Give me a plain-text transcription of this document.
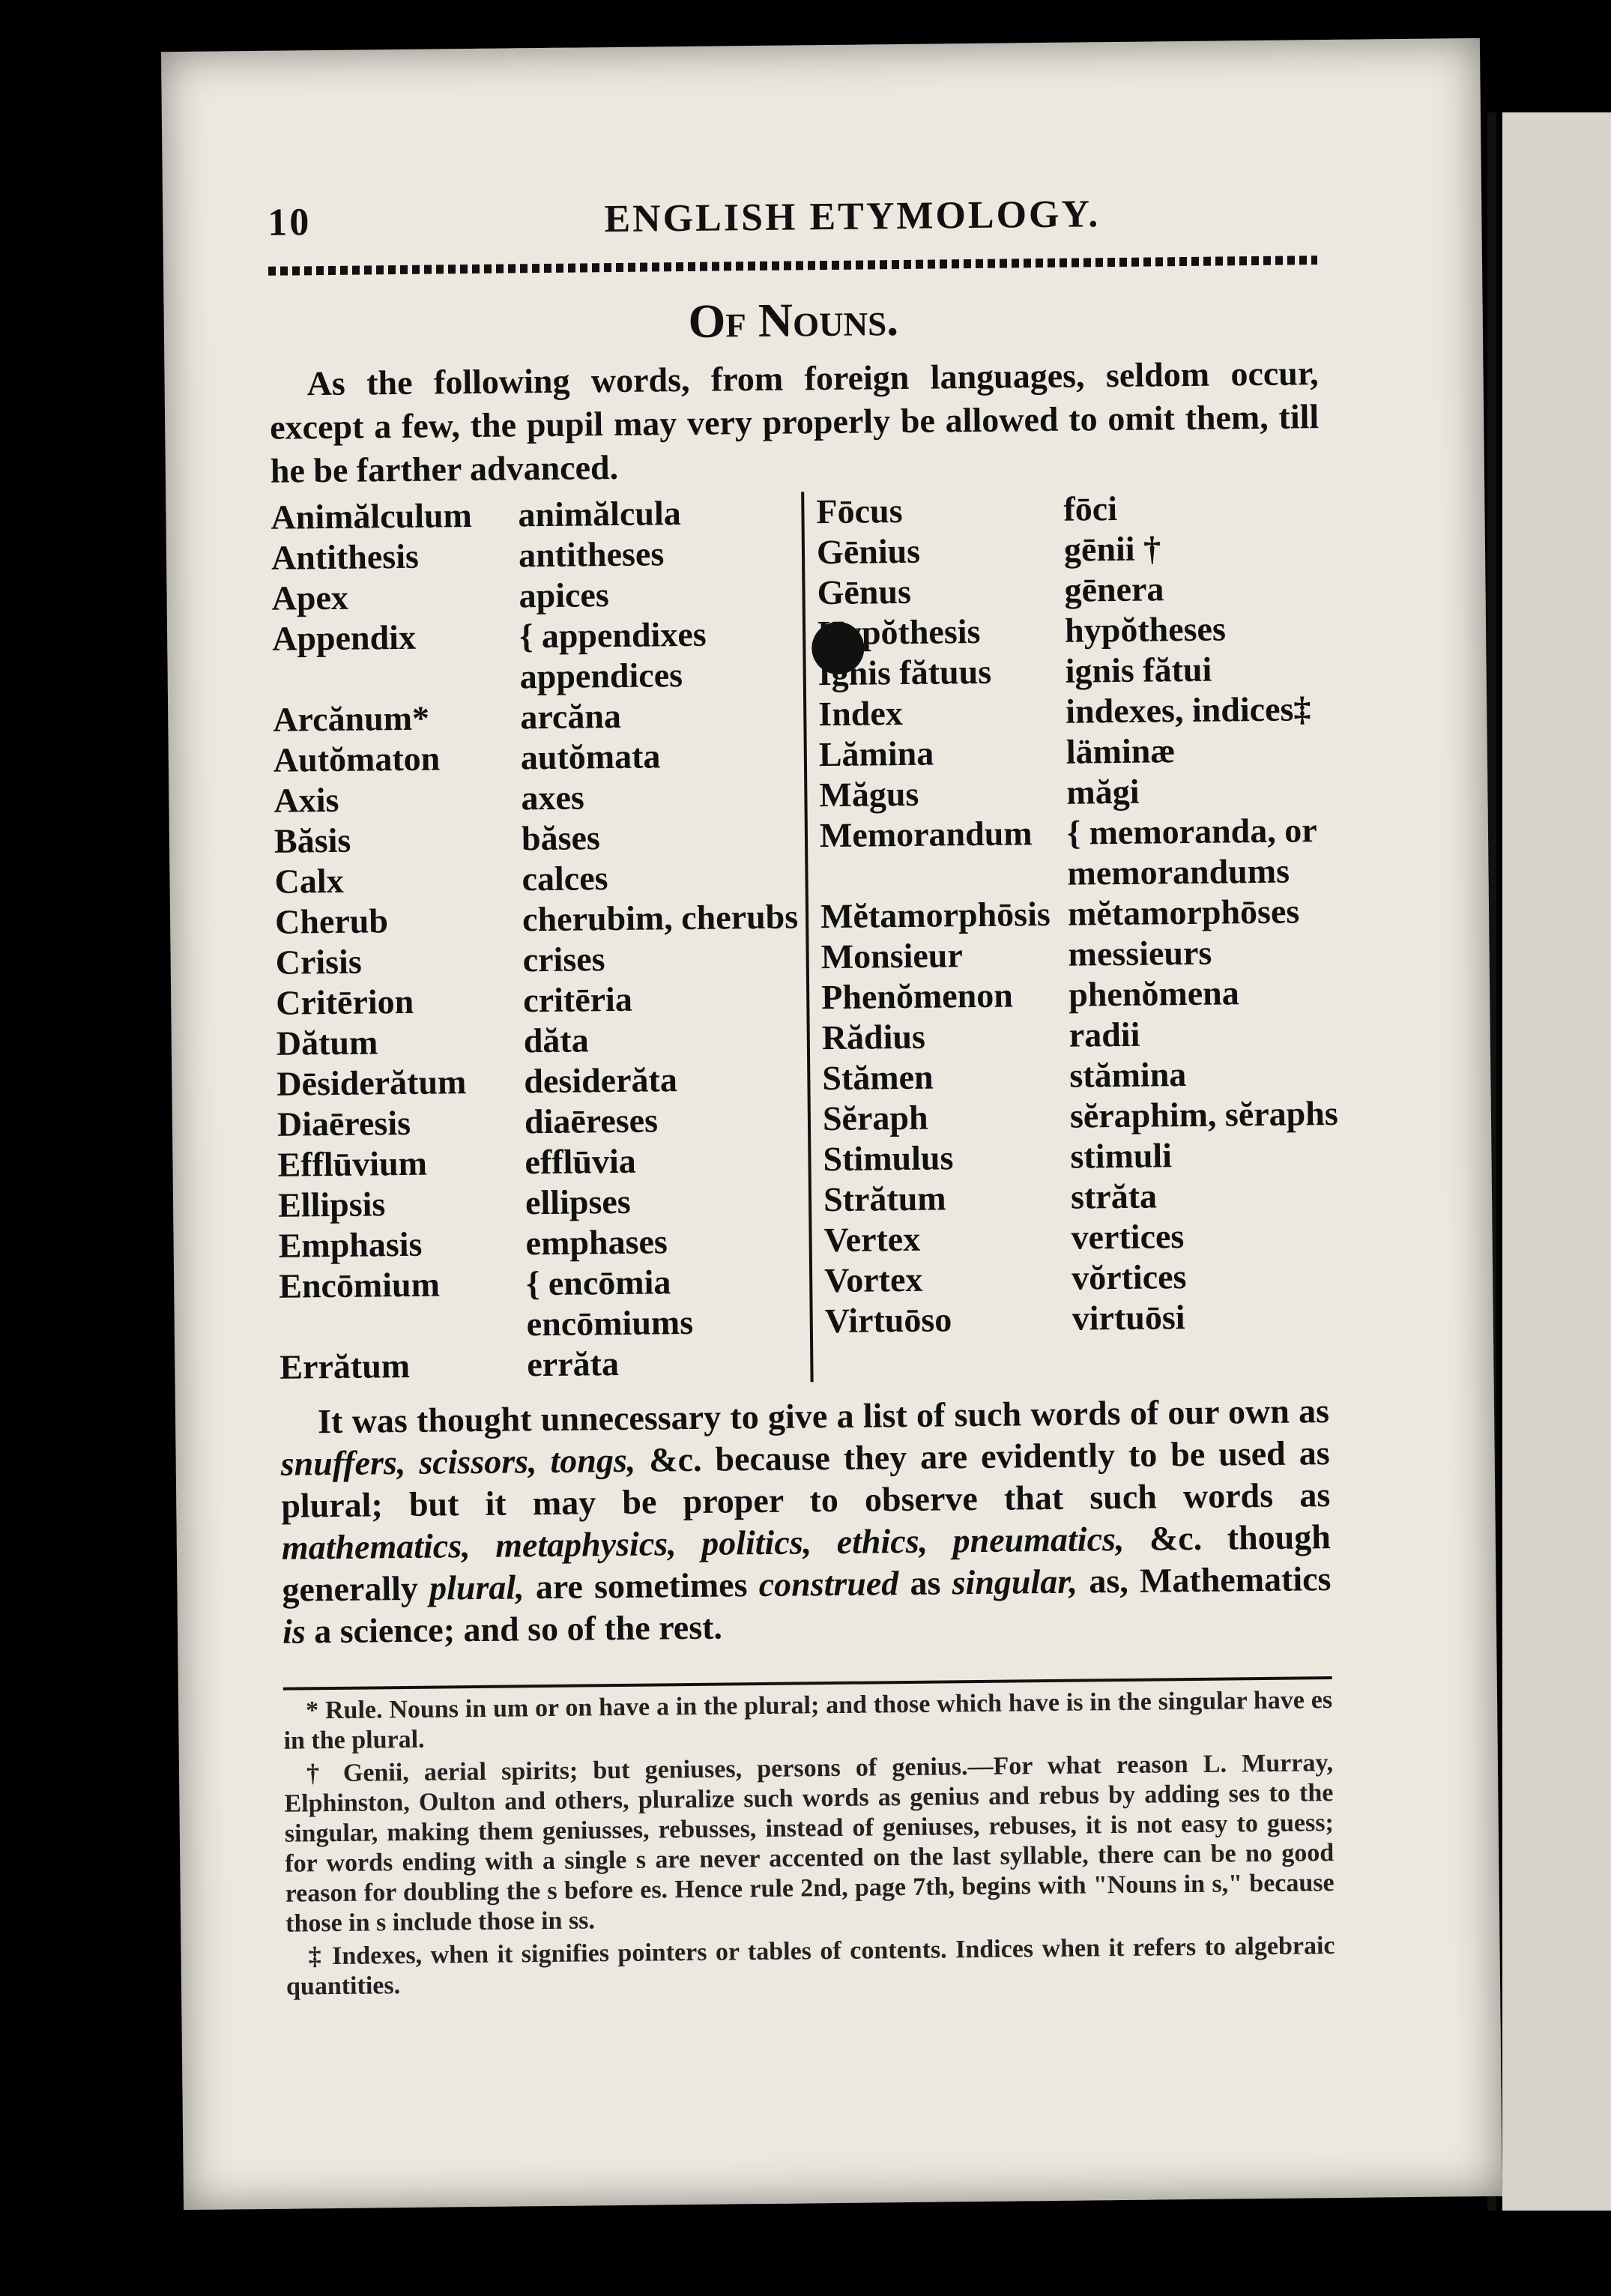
10	ENGLISH ETYMOLOGY.
Of Nouns.

As the following words, from foreign languages, seldom occur, except a few, the pupil may very properly be allowed to omit them, till he be farther advanced.

Animălculum	animălcula
Antithesis	antitheses
Apex	apices
Appendix	{ appendixes
appendices
Arcănum*	arcăna
Autŏmaton	autŏmata
Axis	axes
Băsis	băses
Calx	calces
Cherub	cherubim, cherubs
Crisis	crises
Critērion	critēria
Dătum	dăta
Dēsiderătum	desiderăta
Diaēresis	diaēreses
Efflūvium	efflūvia
Ellipsis	ellipses
Emphasis	emphases
Encōmium	{ encōmia
encōmiums
Errătum	errăta
Fōcus	fōci
Gēnius	gēnii †
Gēnus	gēnera
Hypŏthesis	hypŏtheses
Ignis fătuus	ignis fătui
Index	indexes, indices‡
Lămina	läminæ
Măgus	măgi
Memorandum { memoranda, or
memorandums
Mĕtamorphōsis mĕtamorphōses
Monsieur	messieurs
Phenŏmenon	phenŏmena
Rădius	radii
Stămen	stămina
Sĕraph	sĕraphim, sĕraphs
Stimulus	stimuli
Strătum	străta
Vertex	vertices
Vortex	vŏrtices
Virtuōso	virtuōsi

It was thought unnecessary to give a list of such words of our own as snuffers, scissors, tongs, &c. because they are evidently to be used as plural; but it may be proper to observe that such words as mathematics, metaphysics, politics, ethics, pneumatics, &c. though generally plural, are sometimes construed as singular, as, Mathematics is a science; and so of the rest.

* Rule. Nouns in um or on have a in the plural; and those which have is in the singular have es in the plural.

† Genii, aerial spirits; but geniuses, persons of genius.—For what reason L. Murray, Elphinston, Oulton and others, pluralize such words as genius and rebus by adding ses to the singular, making them geniusses, rebusses, instead of geniuses, rebuses, it is not easy to guess; for words ending with a single s are never accented on the last syllable, there can be no good reason for doubling the s before es. Hence rule 2nd, page 7th, begins with "Nouns in s," because those in s include those in ss.

‡ Indexes, when it signifies pointers or tables of contents. Indices when it refers to algebraic quantities.
